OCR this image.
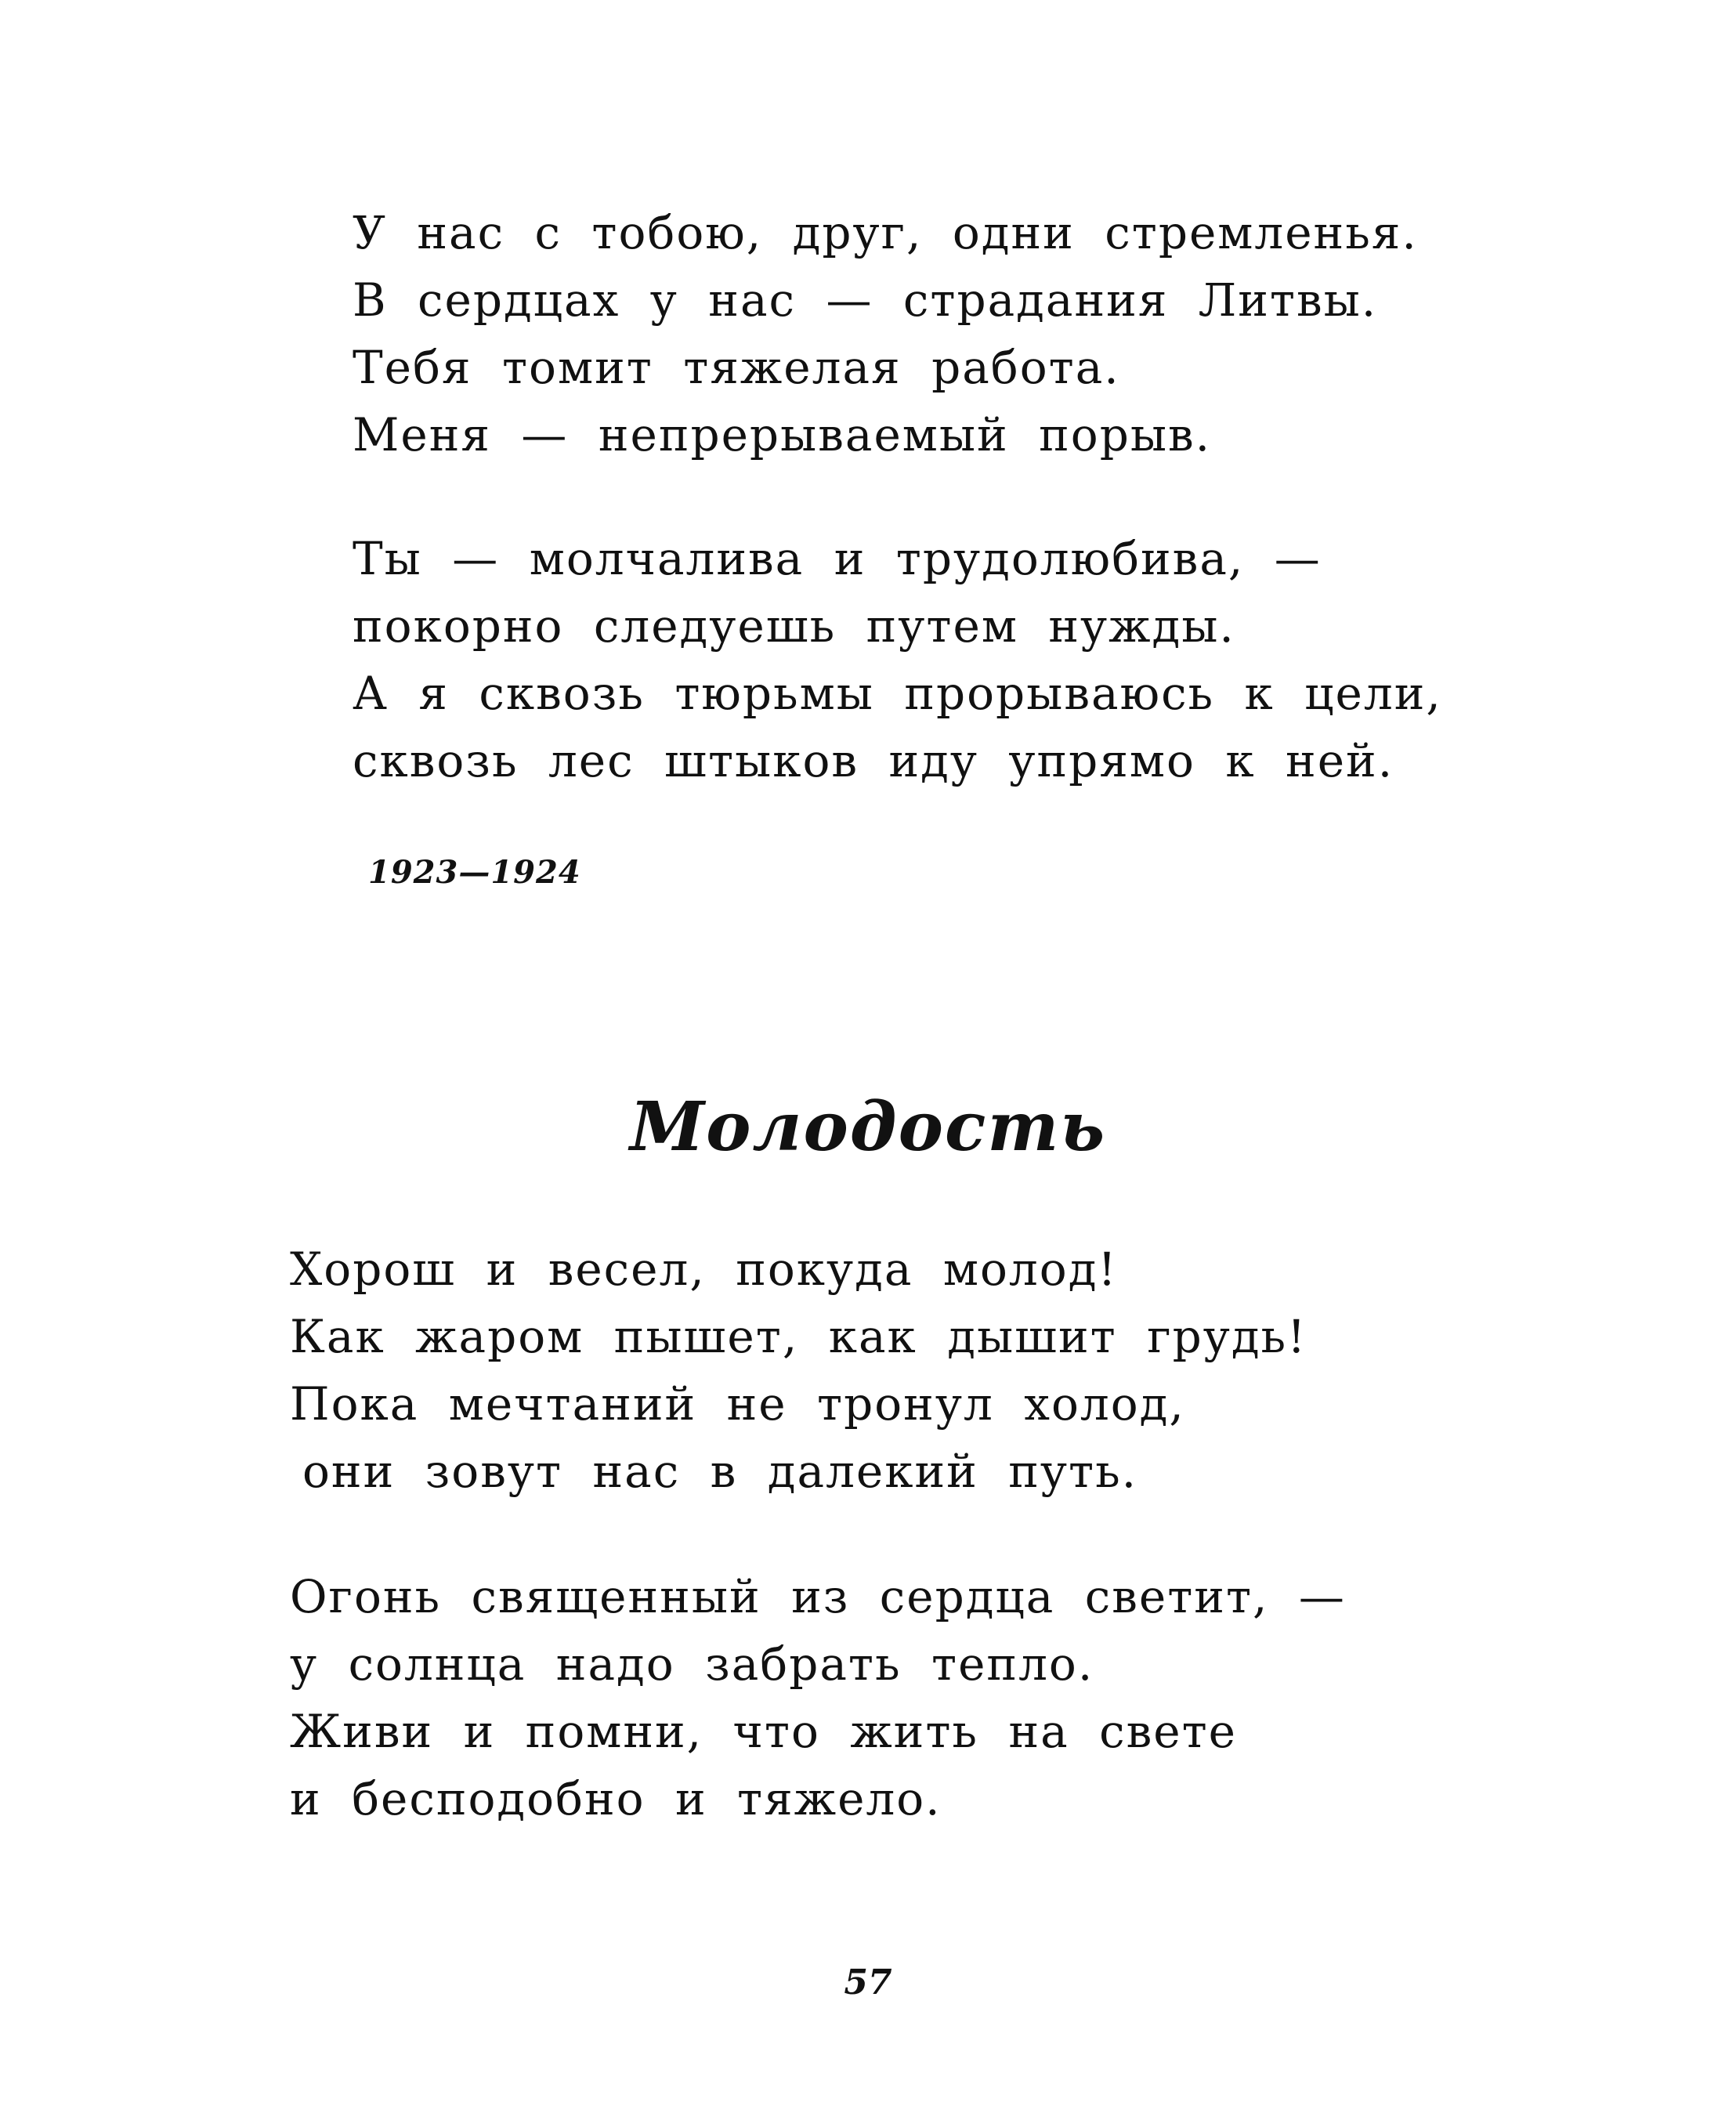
У нас с тобою, друг, одни стремленья.
В сердцах у нас — страдания Литвы.
Тебя томит тяжелая работа.
Меня — непрерываемый порыв.
Ты — молчалива и трудолюбива, —
покорно следуешь путем нужды.
А я сквозь тюрьмы прорываюсь к цели,
сквозь лес штыков иду упрямо к ней.
1923—1924
Молодость
Хорош и весел, покуда молод!
Как жаром пышет, как дышит грудь!
Пока мечтаний не тронул холод,
они зовут нас в далекий путь.
Огонь священный из сердца светит, —
у солнца надо забрать тепло.
Живи и помни, что жить на свете
и бесподобно и тяжело.
57
